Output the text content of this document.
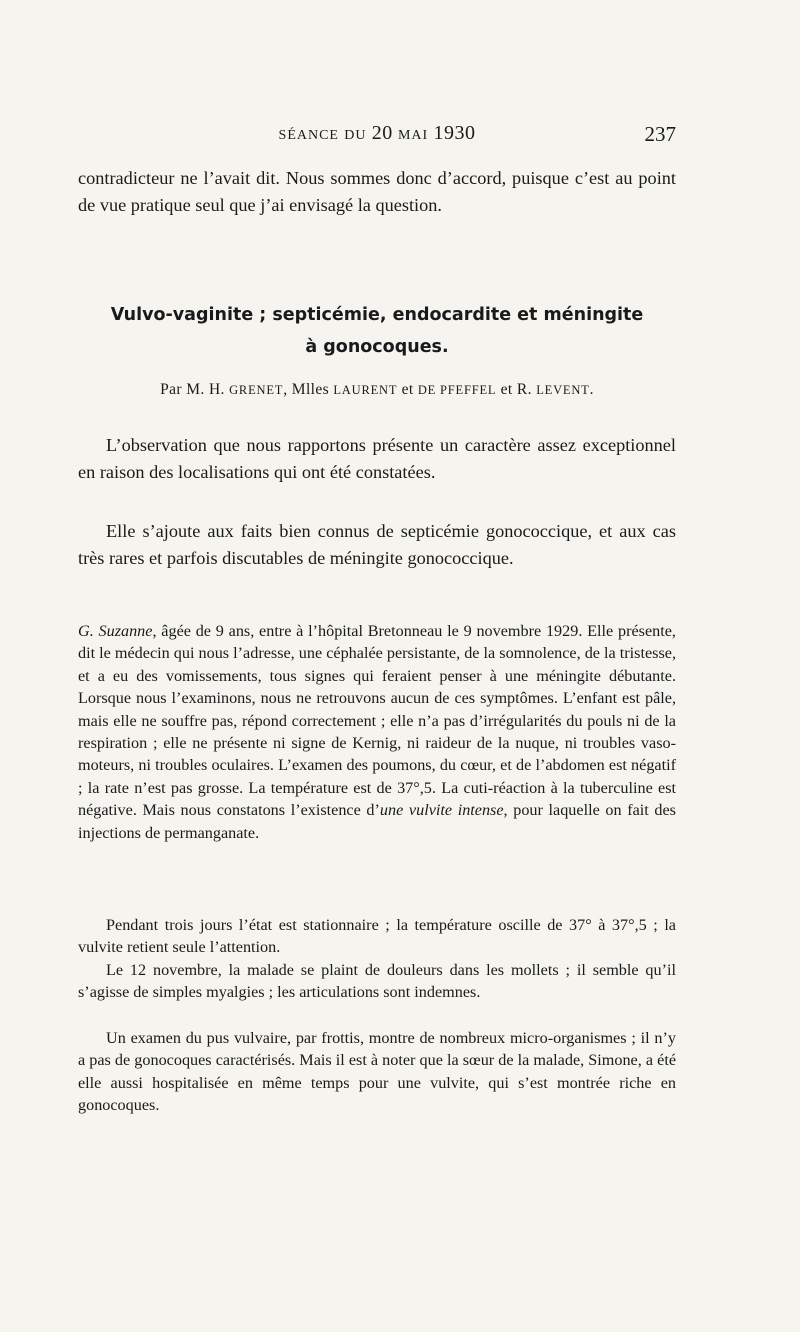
SÉANCE DU 20 MAI 1930	237

contradicteur ne l’avait dit. Nous sommes donc d’accord, puisque c’est au point de vue pratique seul que j’ai envisagé la question.

Vulvo-vaginite ; septicémie, endocardite et méningite
à gonocoques.

Par M. H. GRENET, Mlles LAURENT et DE PFEFFEL et R. LEVENT.

L’observation que nous rapportons présente un caractère assez exceptionnel en raison des localisations qui ont été constatées.

Elle s’ajoute aux faits bien connus de septicémie gonococcique, et aux cas très rares et parfois discutables de méningite gonococcique.

G. Suzanne, âgée de 9 ans, entre à l’hôpital Bretonneau le 9 novembre 1929. Elle présente, dit le médecin qui nous l’adresse, une céphalée persistante, de la somnolence, de la tristesse, et a eu des vomissements, tous signes qui feraient penser à une méningite débutante. Lorsque nous l’examinons, nous ne retrouvons aucun de ces symptômes. L’enfant est pâle, mais elle ne souffre pas, répond correctement ; elle n’a pas d’irrégularités du pouls ni de la respiration ; elle ne présente ni signe de Kernig, ni raideur de la nuque, ni troubles vaso-moteurs, ni troubles oculaires. L’examen des poumons, du cœur, et de l’abdomen est négatif ; la rate n’est pas grosse. La température est de 37°,5. La cuti-réaction à la tuberculine est négative. Mais nous constatons l’existence d’une vulvite intense, pour laquelle on fait des injections de permanganate.

Pendant trois jours l’état est stationnaire ; la température oscille de 37° à 37°,5 ; la vulvite retient seule l’attention.

Le 12 novembre, la malade se plaint de douleurs dans les mollets ; il semble qu’il s’agisse de simples myalgies ; les articulations sont indemnes.

Un examen du pus vulvaire, par frottis, montre de nombreux micro-organismes ; il n’y a pas de gonocoques caractérisés. Mais il est à noter que la sœur de la malade, Simone, a été elle aussi hospitalisée en même temps pour une vulvite, qui s’est montrée riche en gonocoques.
